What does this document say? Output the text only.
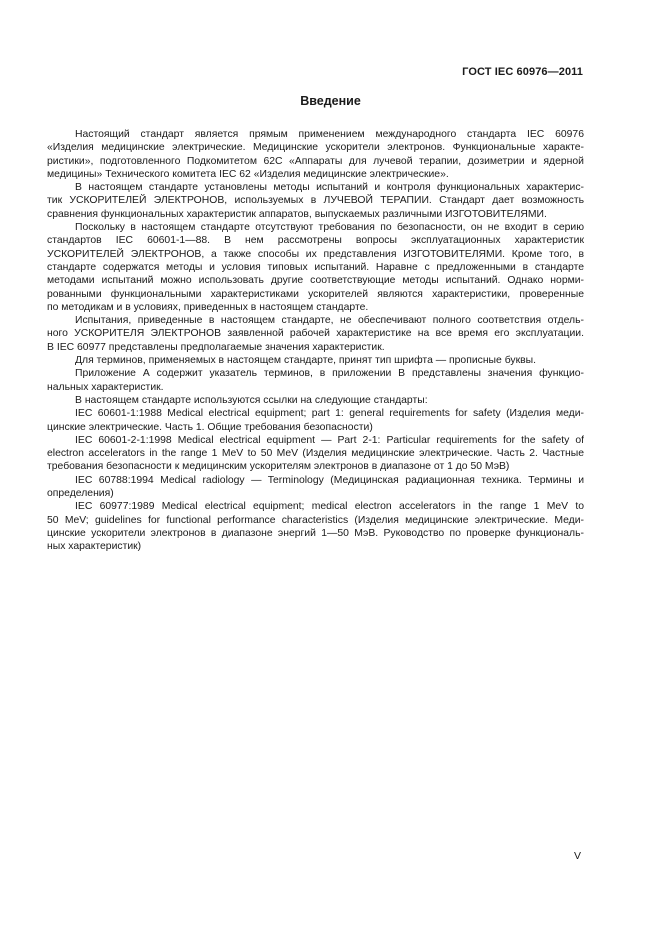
ГОСТ IEC 60976—2011
Введение
Настоящий стандарт является прямым применением международного стандарта IEC 60976
«Изделия медицинские электрические. Медицинские ускорители электронов. Функциональные характе-
ристики», подготовленного Подкомитетом 62С «Аппараты для лучевой терапии, дозиметрии и ядерной
медицины» Технического комитета IEC 62 «Изделия медицинские электрические».
В настоящем стандарте установлены методы испытаний и контроля функциональных характерис-
тик УСКОРИТЕЛЕЙ ЭЛЕКТРОНОВ, используемых в ЛУЧЕВОЙ ТЕРАПИИ. Стандарт дает возможность
сравнения функциональных характеристик аппаратов, выпускаемых различными ИЗГОТОВИТЕЛЯМИ.
Поскольку в настоящем стандарте отсутствуют требования по безопасности, он не входит в серию
стандартов IEC 60601-1—88. В нем рассмотрены вопросы эксплуатационных характеристик
УСКОРИТЕЛЕЙ ЭЛЕКТРОНОВ, а также способы их представления ИЗГОТОВИТЕЛЯМИ. Кроме того, в
стандарте содержатся методы и условия типовых испытаний. Наравне с предложенными в стандарте
методами испытаний можно использовать другие соответствующие методы испытаний. Однако норми-
рованными функциональными характеристиками ускорителей являются характеристики, проверенные
по методикам и в условиях, приведенных в настоящем стандарте.
Испытания, приведенные в настоящем стандарте, не обеспечивают полного соответствия отдель-
ного УСКОРИТЕЛЯ ЭЛЕКТРОНОВ заявленной рабочей характеристике на все время его эксплуатации.
В IEC 60977 представлены предполагаемые значения характеристик.
Для терминов, применяемых в настоящем стандарте, принят тип шрифта — прописные буквы.
Приложение А содержит указатель терминов, в приложении В представлены значения функцио-
нальных характеристик.
В настоящем стандарте используются ссылки на следующие стандарты:
IEC 60601-1:1988 Medical electrical equipment; part 1: general requirements for safety (Изделия меди-
цинские электрические. Часть 1. Общие требования безопасности)
IEC 60601-2-1:1998 Medical electrical equipment — Part 2-1: Particular requirements for the safety of
electron accelerators in the range 1 MeV to 50 MeV (Изделия медицинские электрические. Часть 2. Частные
требования безопасности к медицинским ускорителям электронов в диапазоне от 1 до 50 МэВ)
IEC 60788:1994 Medical radiology — Terminology (Медицинская радиационная техника. Термины и
определения)
IEC 60977:1989 Medical electrical equipment; medical electron accelerators in the range 1 MeV to
50 MeV; guidelines for functional performance characteristics (Изделия медицинские электрические. Меди-
цинские ускорители электронов в диапазоне энергий 1—50 МэВ. Руководство по проверке функциональ-
ных характеристик)
V
